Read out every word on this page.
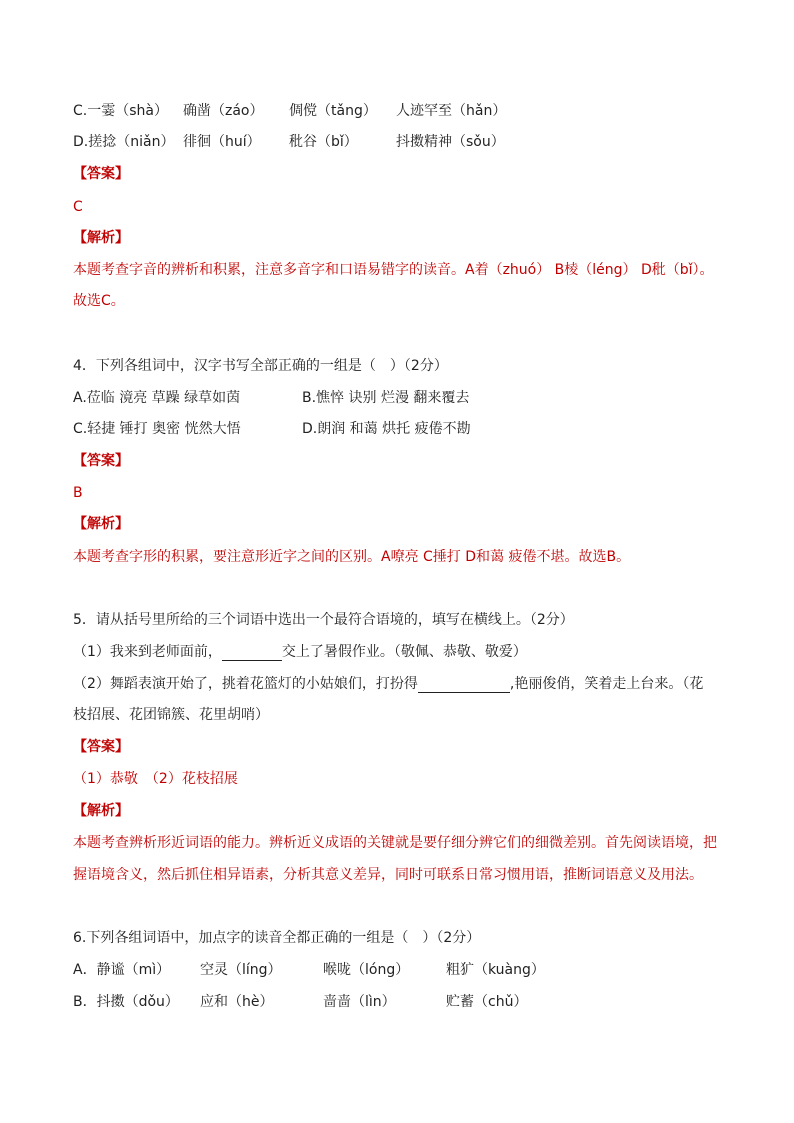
C.一霎（shà） 确凿（záo） 倜傥（tǎng） 人迹罕至（hǎn）
D.搓捻（niǎn） 徘徊（huí） 秕谷（bǐ）	抖擞精神（sǒu）
【答案】
C
【解析】
本题考查字音的辨析和积累，注意多音字和口语易错字的读音。A着（zhuó） B棱（léng） D秕（bǐ）。
故选C。
4．下列各组词中，汉字书写全部正确的一组是（　）（2分）
A.莅临 滰亮 草躁 绿草如茵	B.憔悴 诀别 烂漫 翻来覆去
C.轻捷 锤打 奥密 恍然大悟	D.朗润 和蔼 烘托 疲倦不勘
【答案】
B
【解析】
本题考查字形的积累，要注意形近字之间的区别。A嘹亮 C捶打 D和蔼 疲倦不堪。故选B。
5．请从括号里所给的三个词语中选出一个最符合语境的，填写在横线上。（2分）
（1）我来到老师面前，	交上了暑假作业。（敬佩、恭敬、敬爱）
（2）舞蹈表演开始了，挑着花篮灯的小姑娘们，打扮得	,艳丽俊俏，笑着走上台来。（花
枝招展、花团锦簇、花里胡哨）
【答案】
（1）恭敬　（2）花枝招展
【解析】
本题考查辨析形近词语的能力。辨析近义成语的关键就是要仔细分辨它们的细微差别。首先阅读语境，把
握语境含义，然后抓住相异语素，分析其意义差异，同时可联系日常习惯用语，推断词语意义及用法。
6.下列各组词语中，加点字的读音全都正确的一组是（　）（2分）
A．静谧（mì） 空灵（líng）	喉咙（lóng）	粗犷（kuàng）
B．抖擞（dǒu） 应和（hè）	啬啬（lìn）	贮蓄（chǔ）
